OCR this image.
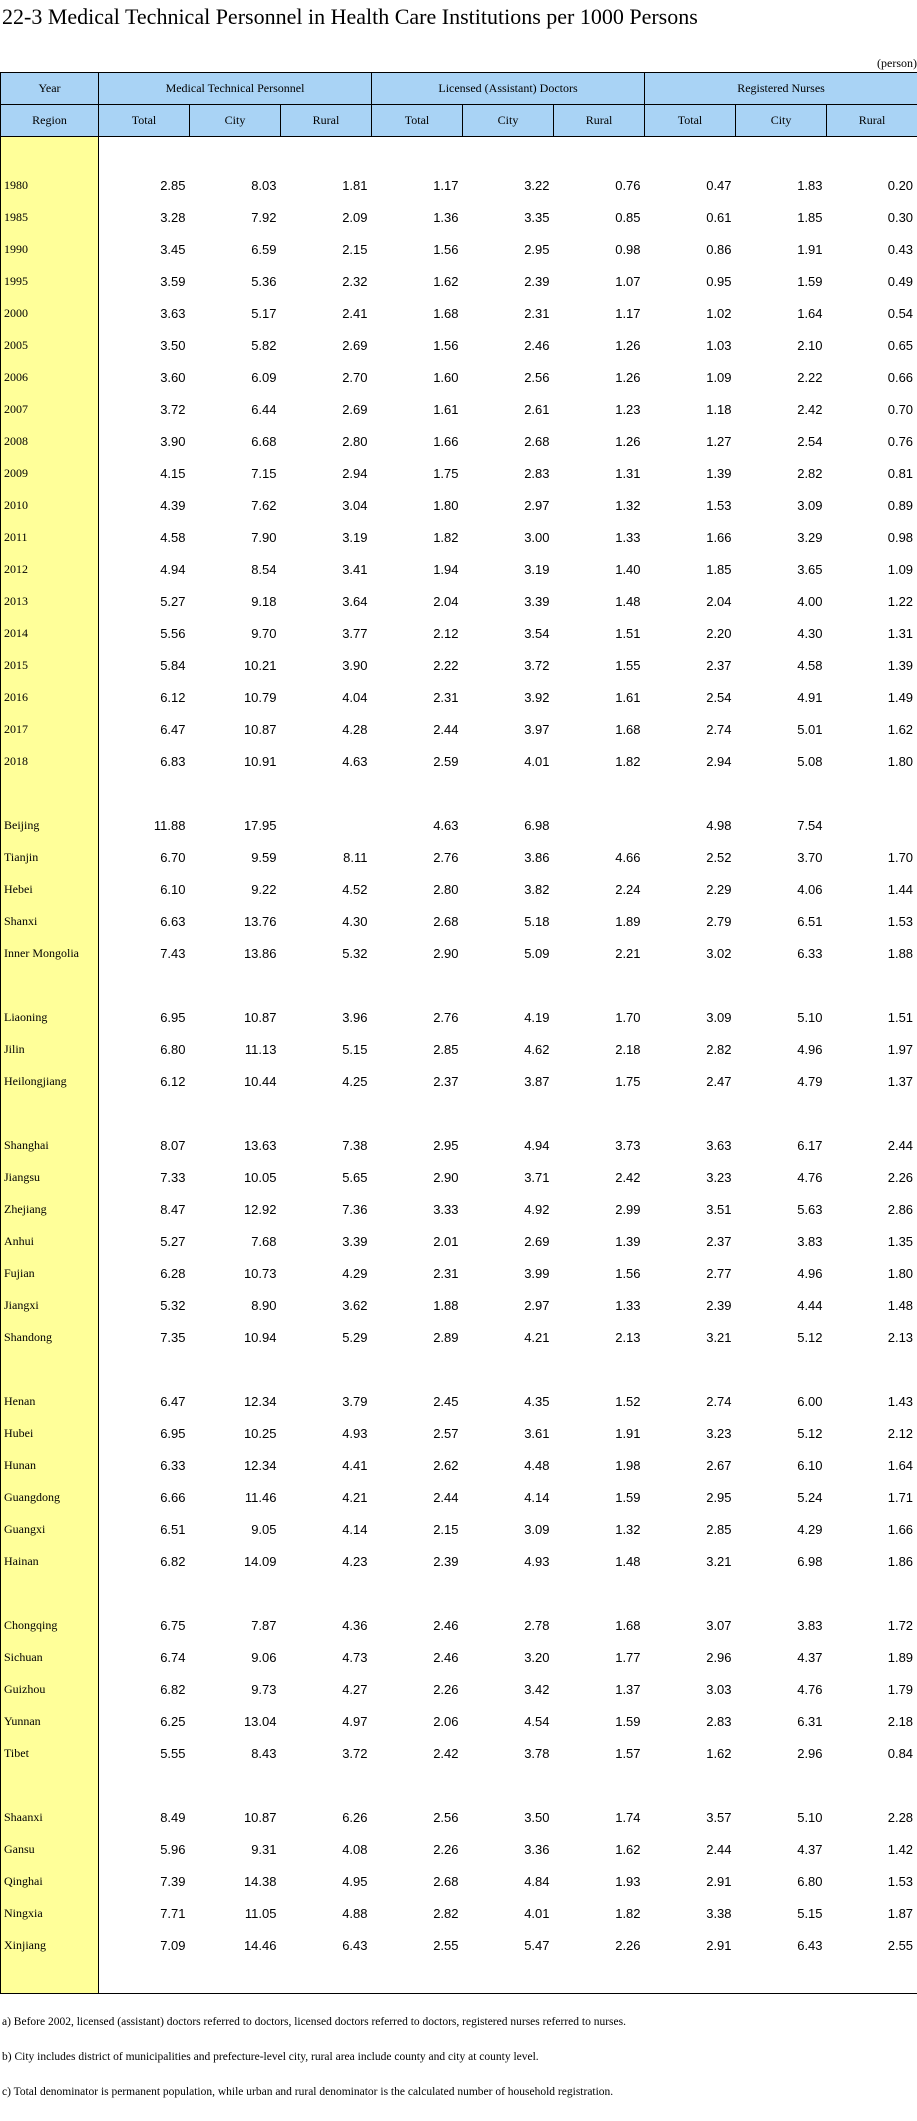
22-3 Medical Technical Personnel in Health Care Institutions per 1000 Persons
(person)
Year	Medical Technical Personnel			Licensed (Assistant) Doctors			Registered Nurses		
Region	Total	City	Rural	Total	City	Rural	Total	City	Rural

1980	2.85	8.03	1.81	1.17	3.22	0.76	0.47	1.83	0.20
1985	3.28	7.92	2.09	1.36	3.35	0.85	0.61	1.85	0.30
1990	3.45	6.59	2.15	1.56	2.95	0.98	0.86	1.91	0.43
1995	3.59	5.36	2.32	1.62	2.39	1.07	0.95	1.59	0.49
2000	3.63	5.17	2.41	1.68	2.31	1.17	1.02	1.64	0.54
2005	3.50	5.82	2.69	1.56	2.46	1.26	1.03	2.10	0.65
2006	3.60	6.09	2.70	1.60	2.56	1.26	1.09	2.22	0.66
2007	3.72	6.44	2.69	1.61	2.61	1.23	1.18	2.42	0.70
2008	3.90	6.68	2.80	1.66	2.68	1.26	1.27	2.54	0.76
2009	4.15	7.15	2.94	1.75	2.83	1.31	1.39	2.82	0.81
2010	4.39	7.62	3.04	1.80	2.97	1.32	1.53	3.09	0.89
2011	4.58	7.90	3.19	1.82	3.00	1.33	1.66	3.29	0.98
2012	4.94	8.54	3.41	1.94	3.19	1.40	1.85	3.65	1.09
2013	5.27	9.18	3.64	2.04	3.39	1.48	2.04	4.00	1.22
2014	5.56	9.70	3.77	2.12	3.54	1.51	2.20	4.30	1.31
2015	5.84	10.21	3.90	2.22	3.72	1.55	2.37	4.58	1.39
2016	6.12	10.79	4.04	2.31	3.92	1.61	2.54	4.91	1.49
2017	6.47	10.87	4.28	2.44	3.97	1.68	2.74	5.01	1.62
2018	6.83	10.91	4.63	2.59	4.01	1.82	2.94	5.08	1.80

Beijing	11.88	17.95		4.63	6.98		4.98	7.54	
Tianjin	6.70	9.59	8.11	2.76	3.86	4.66	2.52	3.70	1.70
Hebei	6.10	9.22	4.52	2.80	3.82	2.24	2.29	4.06	1.44
Shanxi	6.63	13.76	4.30	2.68	5.18	1.89	2.79	6.51	1.53
Inner Mongolia	7.43	13.86	5.32	2.90	5.09	2.21	3.02	6.33	1.88

Liaoning	6.95	10.87	3.96	2.76	4.19	1.70	3.09	5.10	1.51
Jilin	6.80	11.13	5.15	2.85	4.62	2.18	2.82	4.96	1.97
Heilongjiang	6.12	10.44	4.25	2.37	3.87	1.75	2.47	4.79	1.37

Shanghai	8.07	13.63	7.38	2.95	4.94	3.73	3.63	6.17	2.44
Jiangsu	7.33	10.05	5.65	2.90	3.71	2.42	3.23	4.76	2.26
Zhejiang	8.47	12.92	7.36	3.33	4.92	2.99	3.51	5.63	2.86
Anhui	5.27	7.68	3.39	2.01	2.69	1.39	2.37	3.83	1.35
Fujian	6.28	10.73	4.29	2.31	3.99	1.56	2.77	4.96	1.80
Jiangxi	5.32	8.90	3.62	1.88	2.97	1.33	2.39	4.44	1.48
Shandong	7.35	10.94	5.29	2.89	4.21	2.13	3.21	5.12	2.13

Henan	6.47	12.34	3.79	2.45	4.35	1.52	2.74	6.00	1.43
Hubei	6.95	10.25	4.93	2.57	3.61	1.91	3.23	5.12	2.12
Hunan	6.33	12.34	4.41	2.62	4.48	1.98	2.67	6.10	1.64
Guangdong	6.66	11.46	4.21	2.44	4.14	1.59	2.95	5.24	1.71
Guangxi	6.51	9.05	4.14	2.15	3.09	1.32	2.85	4.29	1.66
Hainan	6.82	14.09	4.23	2.39	4.93	1.48	3.21	6.98	1.86

Chongqing	6.75	7.87	4.36	2.46	2.78	1.68	3.07	3.83	1.72
Sichuan	6.74	9.06	4.73	2.46	3.20	1.77	2.96	4.37	1.89
Guizhou	6.82	9.73	4.27	2.26	3.42	1.37	3.03	4.76	1.79
Yunnan	6.25	13.04	4.97	2.06	4.54	1.59	2.83	6.31	2.18
Tibet	5.55	8.43	3.72	2.42	3.78	1.57	1.62	2.96	0.84

Shaanxi	8.49	10.87	6.26	2.56	3.50	1.74	3.57	5.10	2.28
Gansu	5.96	9.31	4.08	2.26	3.36	1.62	2.44	4.37	1.42
Qinghai	7.39	14.38	4.95	2.68	4.84	1.93	2.91	6.80	1.53
Ningxia	7.71	11.05	4.88	2.82	4.01	1.82	3.38	5.15	1.87
Xinjiang	7.09	14.46	6.43	2.55	5.47	2.26	2.91	6.43	2.55

a) Before 2002, licensed (assistant) doctors referred to doctors, licensed doctors referred to doctors, registered nurses referred to nurses.
b) City includes district of municipalities and prefecture-level city, rural area include county and city at county level.
c) Total denominator is permanent population, while urban and rural denominator is the calculated number of household registration.
